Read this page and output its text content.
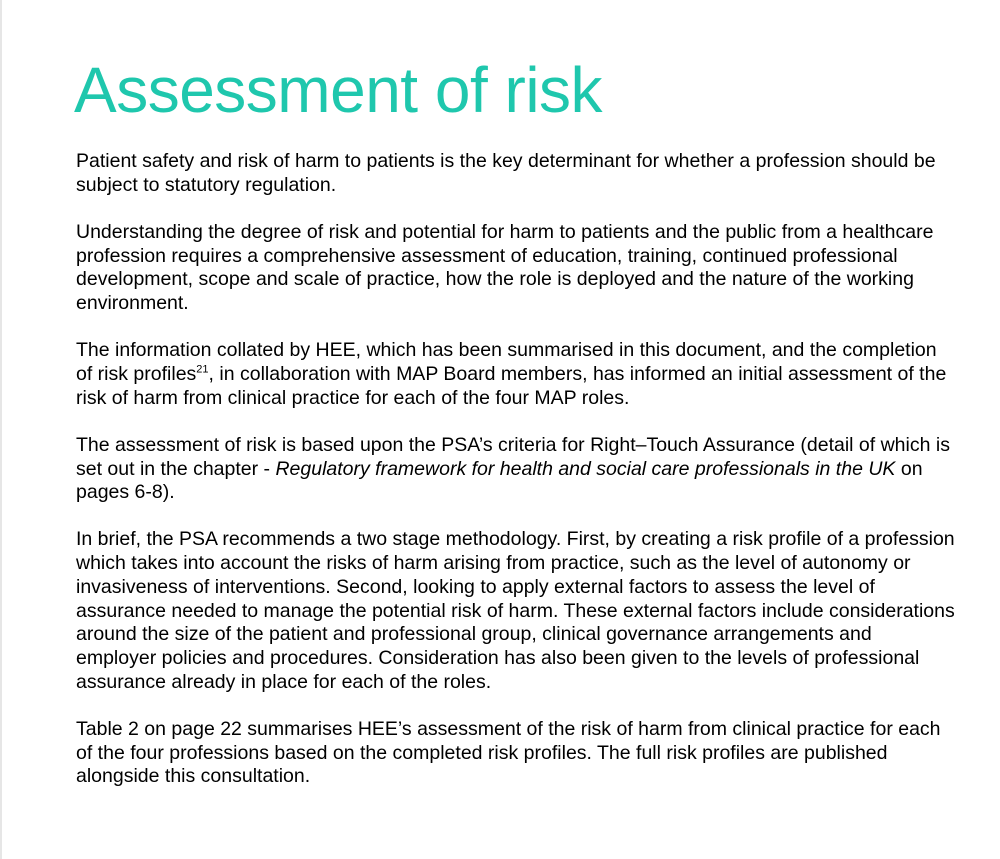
Assessment of risk

Patient safety and risk of harm to patients is the key determinant for whether a profession should be subject to statutory regulation.

Understanding the degree of risk and potential for harm to patients and the public from a healthcare profession requires a comprehensive assessment of education, training, continued professional development, scope and scale of practice, how the role is deployed and the nature of the working environment.

The information collated by HEE, which has been summarised in this document, and the completion of risk profiles$^{21}$, in collaboration with MAP Board members, has informed an initial assessment of the risk of harm from clinical practice for each of the four MAP roles.

The assessment of risk is based upon the PSA’s criteria for Right–Touch Assurance (detail of which is set out in the chapter - Regulatory framework for health and social care professionals in the UK on pages 6-8).

In brief, the PSA recommends a two stage methodology. First, by creating a risk profile of a profession which takes into account the risks of harm arising from practice, such as the level of autonomy or invasiveness of interventions. Second, looking to apply external factors to assess the level of assurance needed to manage the potential risk of harm. These external factors include considerations around the size of the patient and professional group, clinical governance arrangements and employer policies and procedures. Consideration has also been given to the levels of professional assurance already in place for each of the roles.

Table 2 on page 22 summarises HEE’s assessment of the risk of harm from clinical practice for each of the four professions based on the completed risk profiles. The full risk profiles are published alongside this consultation.
